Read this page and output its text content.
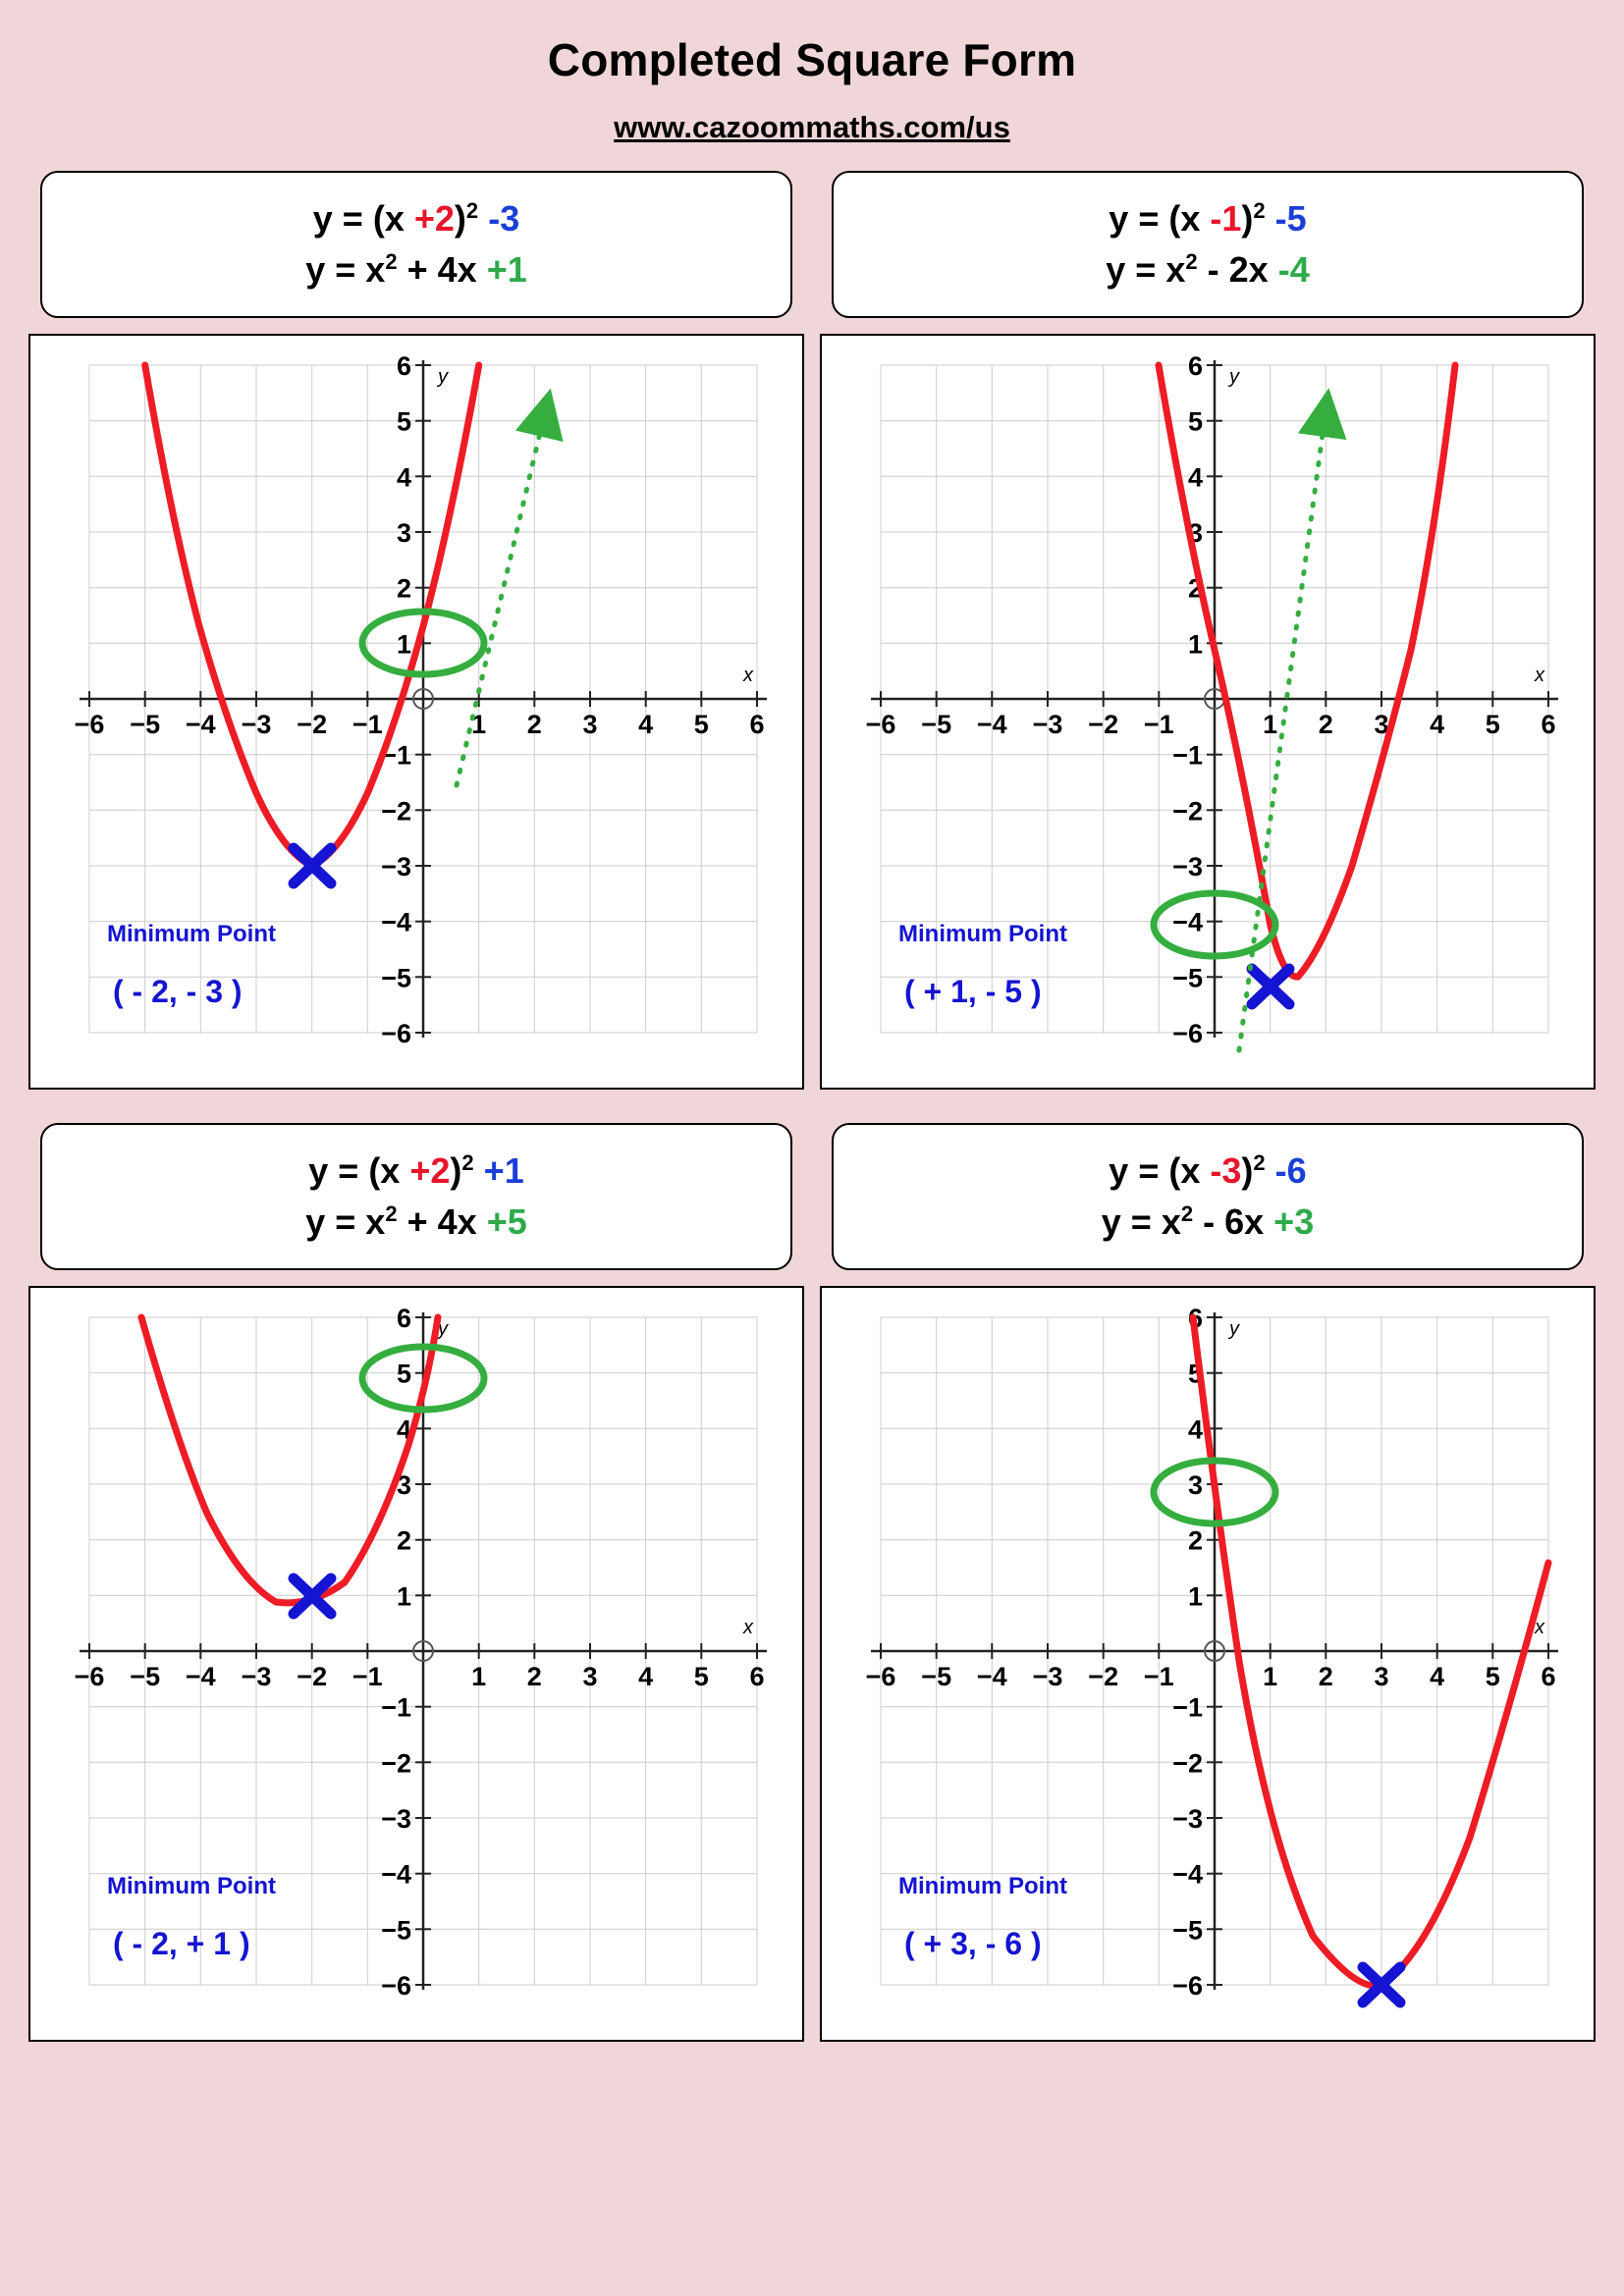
Completed Square Form
www.cazoommaths.com/us
$y = (x +2)^2$ -3
$y = x^2 + 4x +1$
−6 −5 −4 −3 −2 −1	1 2 3 4 5 6
6
5
4
3
2
1
−1
−2
−3
−4
−5
−6
x
y
Minimum Point
( - 2, - 3 )
y = (x -1)$^2$ -5
$y = x^2 - 2x$ -4
−6 −5 −4 −3 −2 −1	1 2 3 4 5 6
6
5
4
3
2
1
−1
−2
−3
−4
−5
−6
x
y
Minimum Point
( + 1, - 5 )
$y = (x +2)^2 +1$
$y = x^2 + 4x +5$
−6 −5 −4 −3 −2 −1	1 2 3 4 5 6
6
5
4
3
2
1
−1
−2
−3
−4
−5
−6
x
y
Minimum Point
( - 2, + 1 )
y = (x -3)$^2$ -6
$y = x^2 - 6x +3$
−6 −5 −4 −3 −2 −1	1 2 3 4 5 6
6
5
4
3
2
1
−1
−2
−3
−4
−5
−6
x
y
Minimum Point
( + 3, - 6 )
